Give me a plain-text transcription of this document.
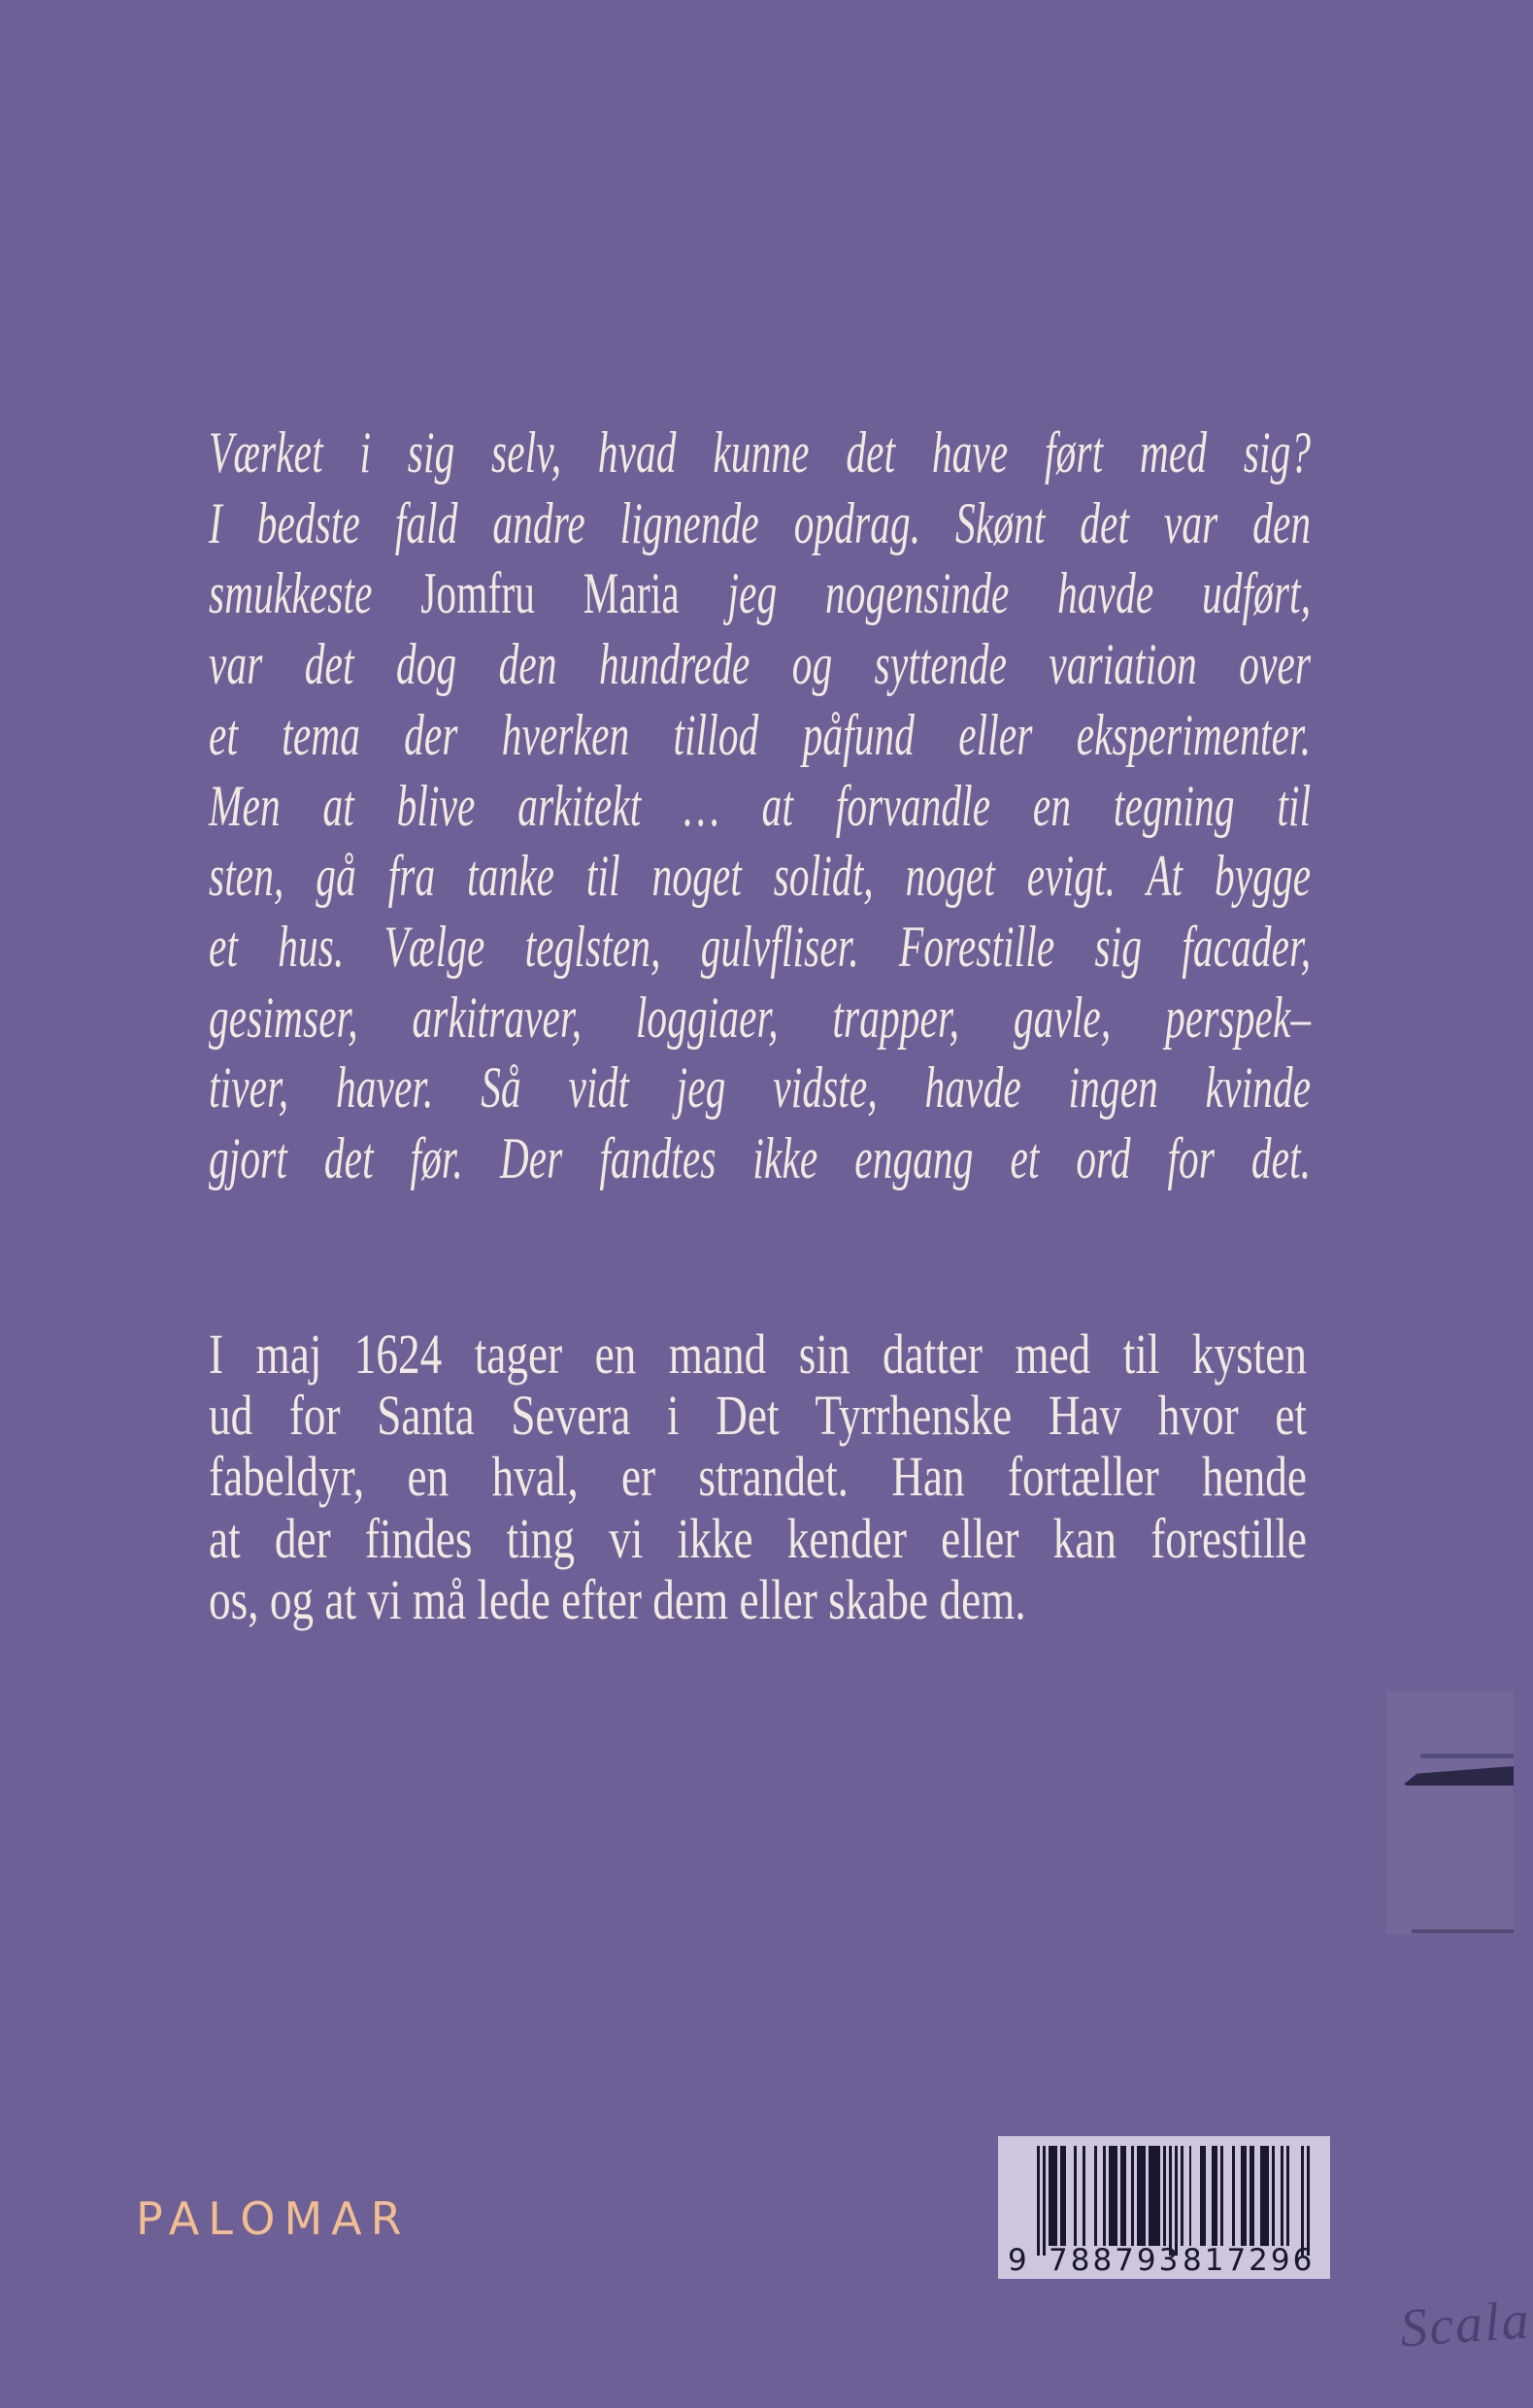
Værket i sig selv, hvad kunne det have ført med sig?
I bedste fald andre lignende opdrag. Skønt det var den
smukkeste Jomfru Maria jeg nogensinde havde udført,
var det dog den hundrede og syttende variation over
et tema der hverken tillod påfund eller eksperimenter.
Men at blive arkitekt … at forvandle en tegning til
sten, gå fra tanke til noget solidt, noget evigt. At bygge
et hus. Vælge teglsten, gulvfliser. Forestille sig facader,
gesimser, arkitraver, loggiaer, trapper, gavle, perspek–
tiver, haver. Så vidt jeg vidste, havde ingen kvinde
gjort det før. Der fandtes ikke engang et ord for det.
I maj 1624 tager en mand sin datter med til kysten
ud for Santa Severa i Det Tyrrhenske Hav hvor et
fabeldyr, en hval, er strandet. Han fortæller hende
at der findes ting vi ikke kender eller kan forestille
os, og at vi må lede efter dem eller skabe dem.
PALOMAR
9 788793 817296
Scala
